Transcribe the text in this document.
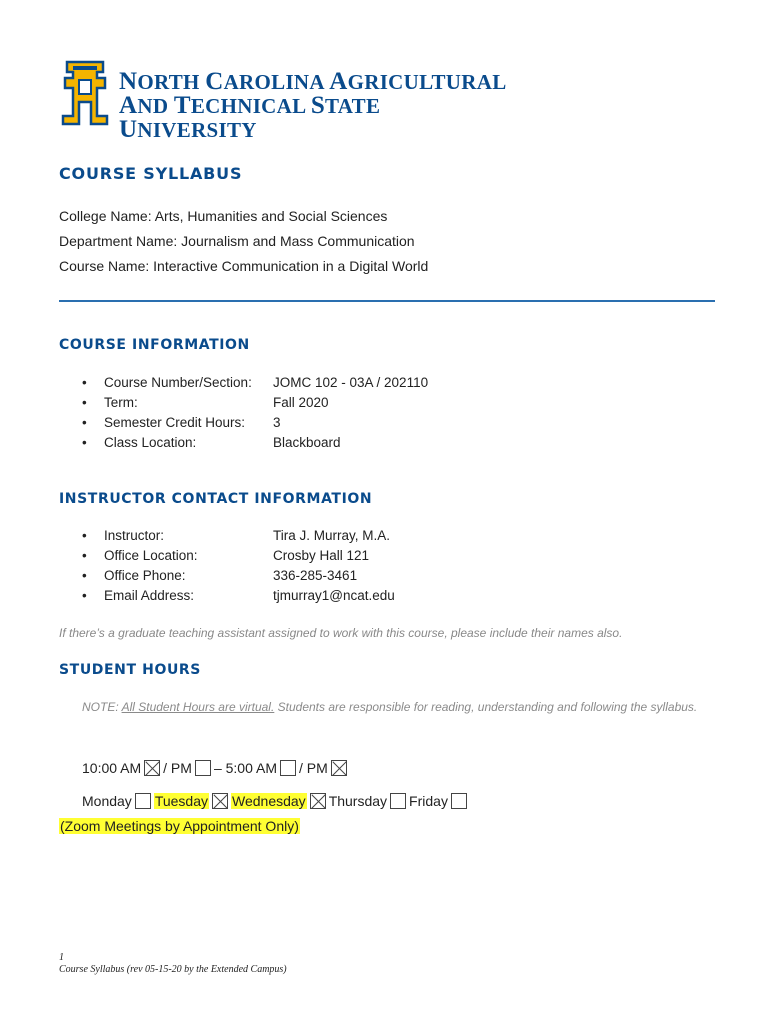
NORTH CAROLINA AGRICULTURAL
AND TECHNICAL STATE UNIVERSITY
COURSE SYLLABUS
College Name: Arts, Humanities and Social Sciences
Department Name: Journalism and Mass Communication
Course Name: Interactive Communication in a Digital World
COURSE INFORMATION
• Course Number/Section: JOMC 102 - 03A / 202110
• Term:	Fall 2020
• Semester Credit Hours: 3
• Class Location:	Blackboard
INSTRUCTOR CONTACT INFORMATION
• Instructor:	Tira J. Murray, M.A.
• Office Location:	Crosby Hall 121
• Office Phone:	336-285-3461
• Email Address:	tjmurray1@ncat.edu
If there’s a graduate teaching assistant assigned to work with this course, please include their names also.
STUDENT HOURS
NOTE: All Student Hours are virtual. Students are responsible for reading, understanding and following the syllabus.
10:00 AM / PM – 5:00 AM / PM
Monday Tuesday Wednesday Thursday Friday
(Zoom Meetings by Appointment Only)
1
Course Syllabus (rev 05-15-20 by the Extended Campus)
